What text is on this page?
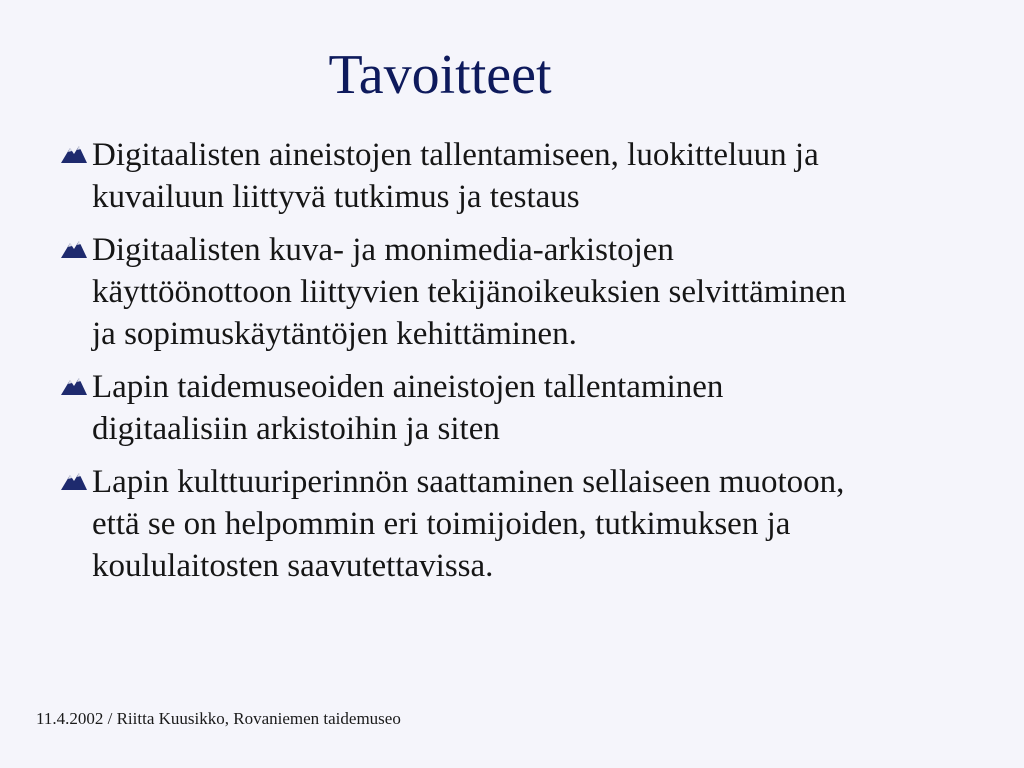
Tavoitteet
Digitaalisten aineistojen tallentamiseen, luokitteluun ja kuvailuun liittyvä tutkimus ja testaus
Digitaalisten kuva- ja monimedia-arkistojen käyttöönottoon liittyvien tekijänoikeuksien selvittäminen ja sopimuskäytäntöjen kehittäminen.
Lapin taidemuseoiden aineistojen tallentaminen digitaalisiin arkistoihin ja siten
Lapin kulttuuriperinnön saattaminen sellaiseen muotoon, että se on helpommin eri toimijoiden, tutkimuksen ja koululaitosten saavutettavissa.
11.4.2002 / Riitta Kuusikko, Rovaniemen taidemuseo
